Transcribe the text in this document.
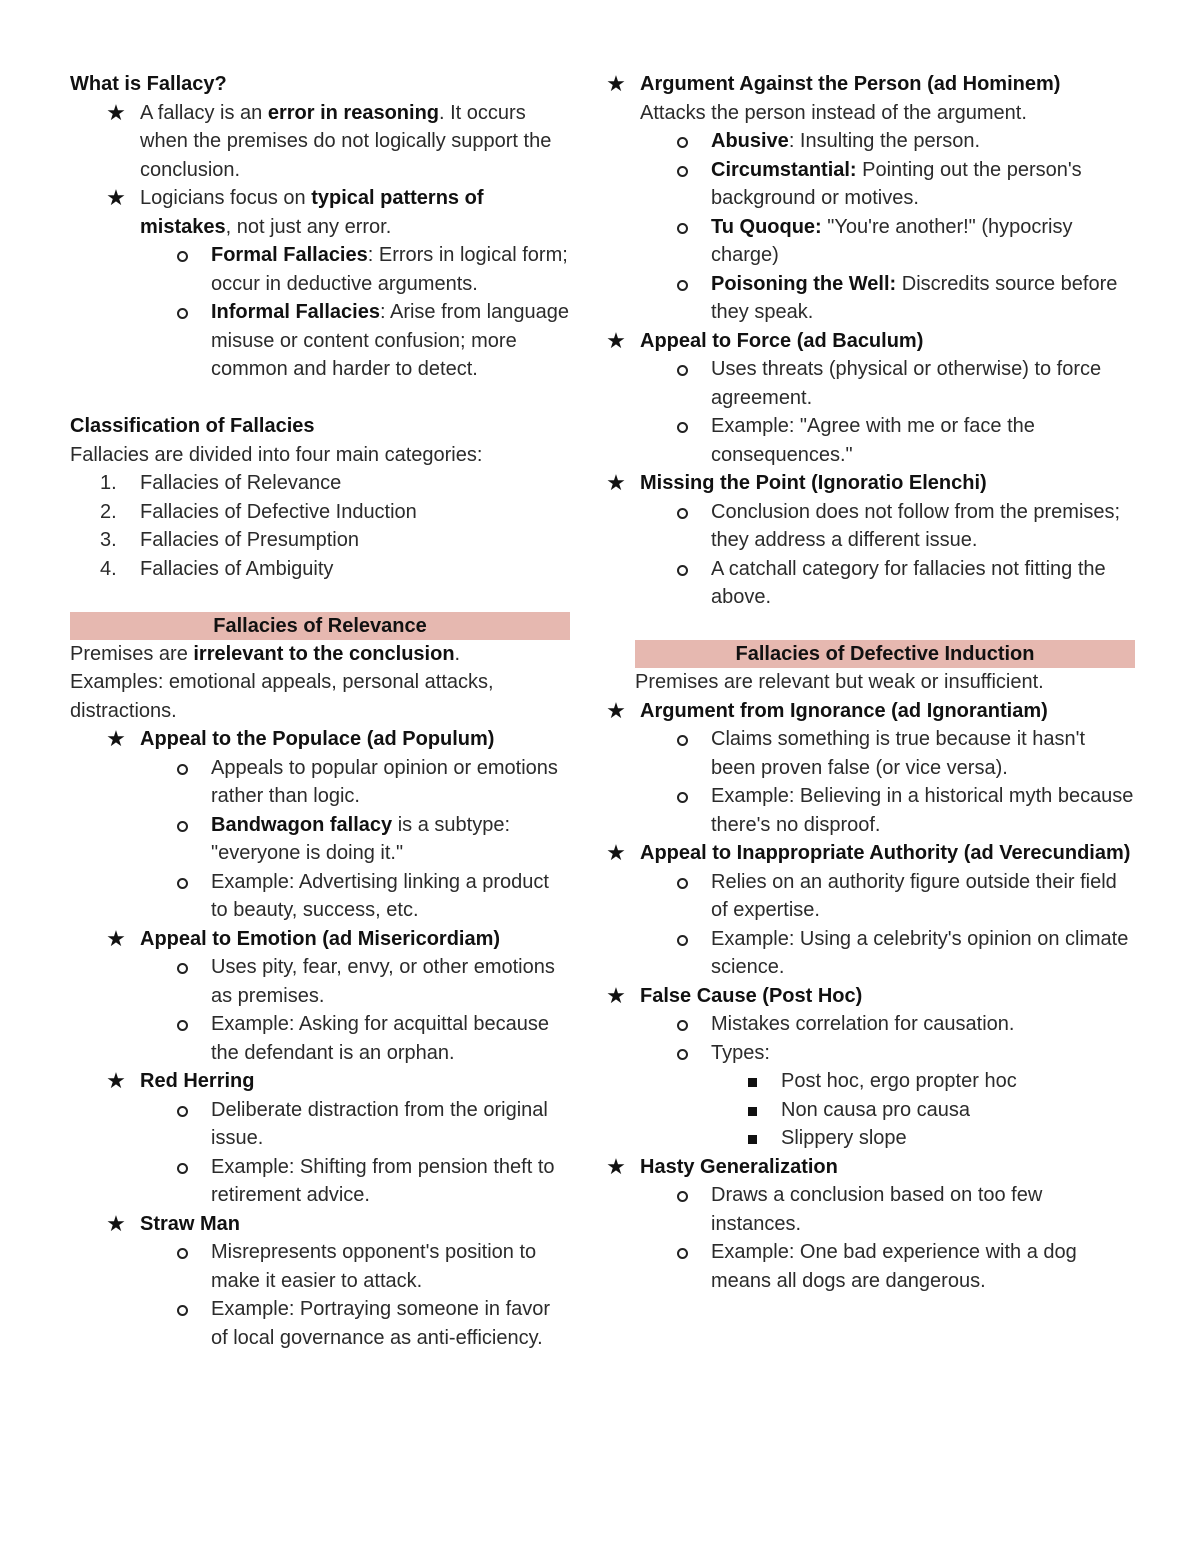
What is Fallacy?
★ A fallacy is an error in reasoning. It occurs when the premises do not logically support the conclusion.
★ Logicians focus on typical patterns of mistakes, not just any error.
Formal Fallacies: Errors in logical form; occur in deductive arguments.
Informal Fallacies: Arise from language misuse or content confusion; more common and harder to detect.
Classification of Fallacies
Fallacies are divided into four main categories:
1.	Fallacies of Relevance
2.	Fallacies of Defective Induction
3.	Fallacies of Presumption
4.	Fallacies of Ambiguity
Fallacies of Relevance
Premises are irrelevant to the conclusion.
Examples: emotional appeals, personal attacks, distractions.
★ Appeal to the Populace (ad Populum)
Appeals to popular opinion or emotions rather than logic.
Bandwagon fallacy is a subtype: "everyone is doing it."
Example: Advertising linking a product to beauty, success, etc.
★ Appeal to Emotion (ad Misericordiam)
Uses pity, fear, envy, or other emotions as premises.
Example: Asking for acquittal because the defendant is an orphan.
★ Red Herring
Deliberate distraction from the original issue.
Example: Shifting from pension theft to retirement advice.
★ Straw Man
Misrepresents opponent's position to make it easier to attack.
Example: Portraying someone in favor of local governance as anti-efficiency.
★ Argument Against the Person (ad Hominem)
Attacks the person instead of the argument.
Abusive: Insulting the person.
Circumstantial: Pointing out the person's background or motives.
Tu Quoque: "You're another!" (hypocrisy charge)
Poisoning the Well: Discredits source before they speak.
★ Appeal to Force (ad Baculum)
Uses threats (physical or otherwise) to force agreement.
Example: "Agree with me or face the consequences."
★ Missing the Point (Ignoratio Elenchi)
Conclusion does not follow from the premises; they address a different issue.
A catchall category for fallacies not fitting the above.
Fallacies of Defective Induction
Premises are relevant but weak or insufficient.
★ Argument from Ignorance (ad Ignorantiam)
Claims something is true because it hasn't been proven false (or vice versa).
Example: Believing in a historical myth because there's no disproof.
★ Appeal to Inappropriate Authority (ad Verecundiam)
Relies on an authority figure outside their field of expertise.
Example: Using a celebrity's opinion on climate science.
★ False Cause (Post Hoc)
Mistakes correlation for causation.
Types:
Post hoc, ergo propter hoc
Non causa pro causa
Slippery slope
★ Hasty Generalization
Draws a conclusion based on too few instances.
Example: One bad experience with a dog means all dogs are dangerous.
